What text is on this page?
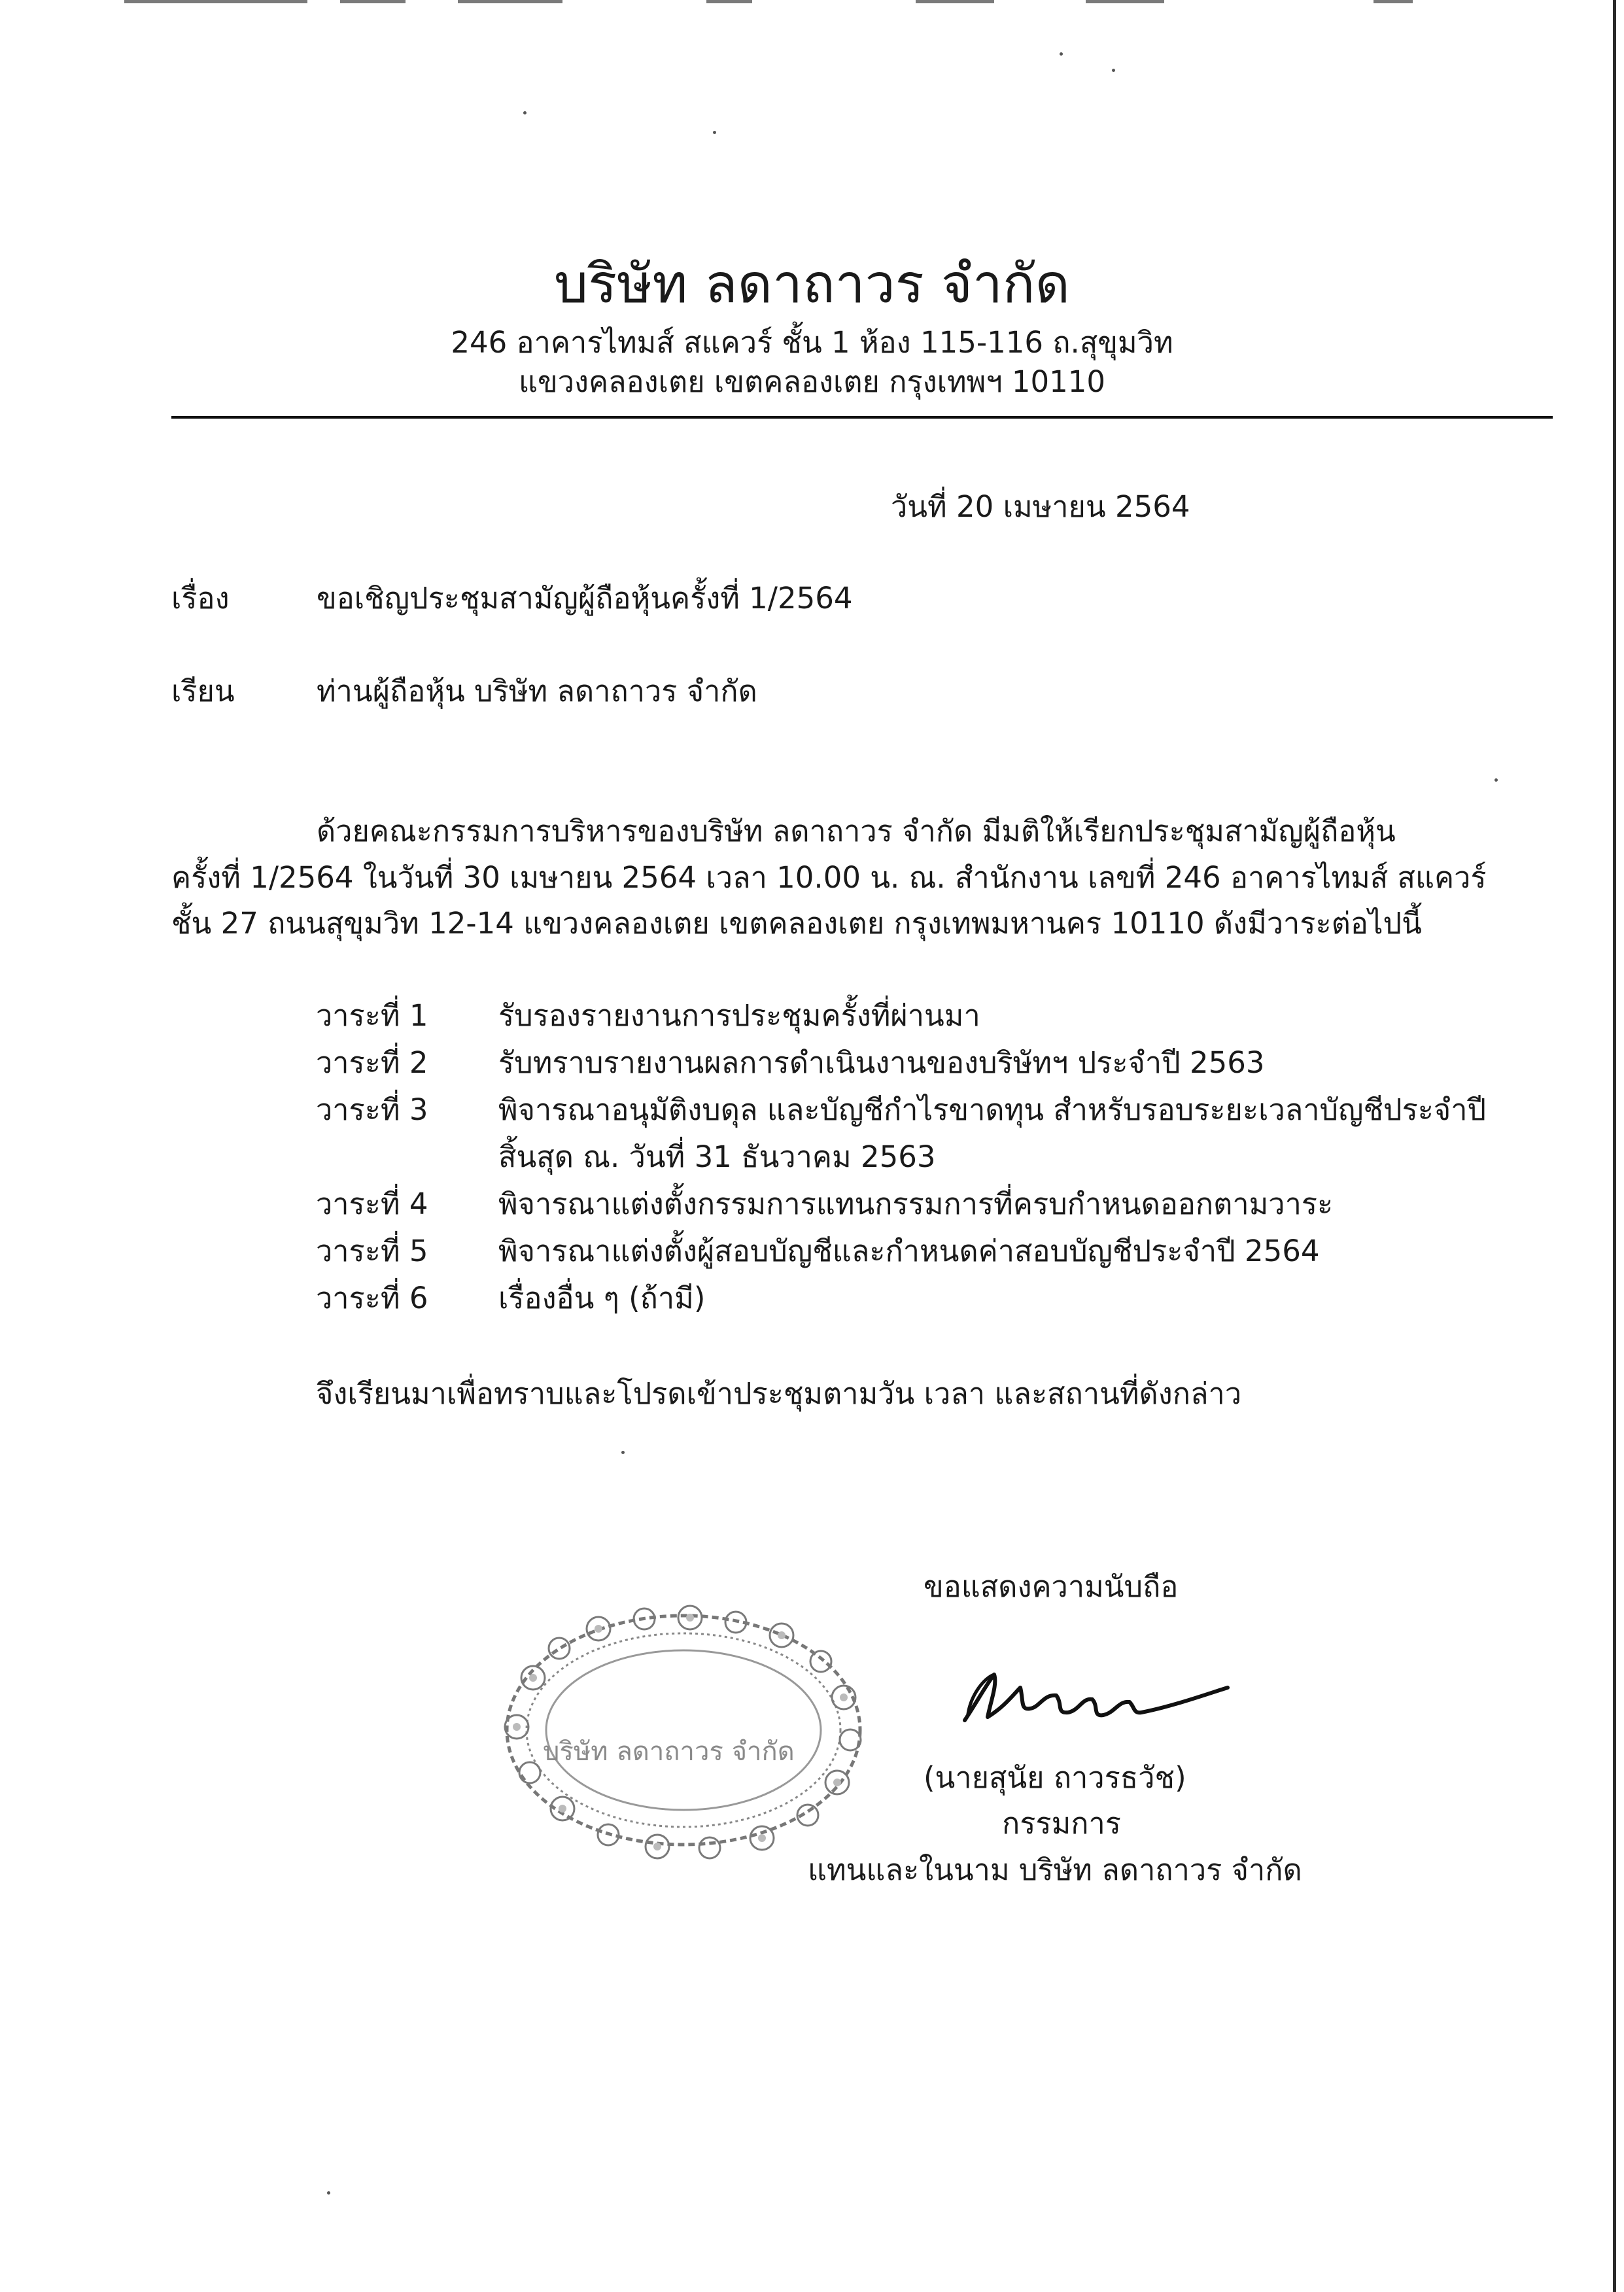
บริษัท ลดาถาวร จำกัด
246 อาคารไทมส์ สแควร์ ชั้น 1 ห้อง 115-116 ถ.สุขุมวิท
แขวงคลองเตย เขตคลองเตย กรุงเทพฯ 10110
วันที่ 20 เมษายน 2564
เรื่อง	ขอเชิญประชุมสามัญผู้ถือหุ้นครั้งที่ 1/2564
เรียน	ท่านผู้ถือหุ้น บริษัท ลดาถาวร จำกัด
ด้วยคณะกรรมการบริหารของบริษัท ลดาถาวร จำกัด มีมติให้เรียกประชุมสามัญผู้ถือหุ้น
ครั้งที่ 1/2564 ในวันที่ 30 เมษายน 2564 เวลา 10.00 น. ณ. สำนักงาน เลขที่ 246 อาคารไทมส์ สแควร์
ชั้น 27 ถนนสุขุมวิท 12-14 แขวงคลองเตย เขตคลองเตย กรุงเทพมหานคร 10110 ดังมีวาระต่อไปนี้
วาระที่ 1 รับรองรายงานการประชุมครั้งที่ผ่านมา
วาระที่ 2 รับทราบรายงานผลการดำเนินงานของบริษัทฯ ประจำปี 2563
วาระที่ 3 พิจารณาอนุมัติงบดุล และบัญชีกำไรขาดทุน สำหรับรอบระยะเวลาบัญชีประจำปี
สิ้นสุด ณ. วันที่ 31 ธันวาคม 2563
วาระที่ 4 พิจารณาแต่งตั้งกรรมการแทนกรรมการที่ครบกำหนดออกตามวาระ
วาระที่ 5 พิจารณาแต่งตั้งผู้สอบบัญชีและกำหนดค่าสอบบัญชีประจำปี 2564
วาระที่ 6 เรื่องอื่น ๆ (ถ้ามี)
จึงเรียนมาเพื่อทราบและโปรดเข้าประชุมตามวัน เวลา และสถานที่ดังกล่าว
ขอแสดงความนับถือ
บริษัท ลดาถาวร จำกัด
(นายสุนัย ถาวรธวัช)
กรรมการ
แทนและในนาม บริษัท ลดาถาวร จำกัด
